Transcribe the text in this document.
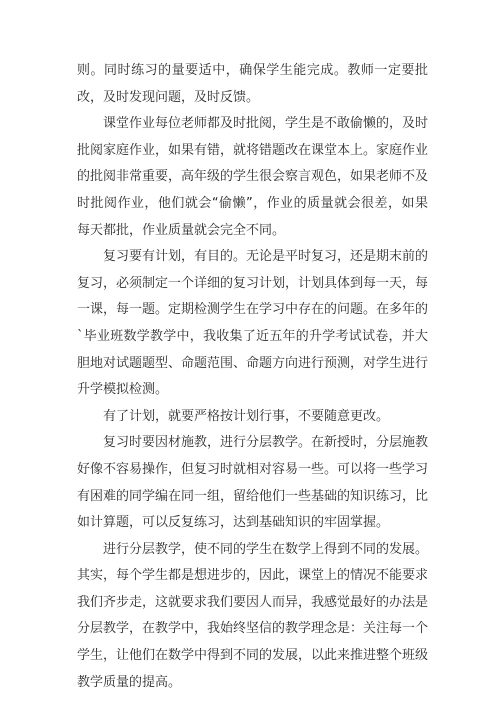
则。同时练习的量要适中，确保学生能完成。教师一定要批改，及时发现问题，及时反馈。

课堂作业每位老师都及时批阅，学生是不敢偷懒的，及时批阅家庭作业，如果有错，就将错题改在课堂本上。家庭作业的批阅非常重要，高年级的学生很会察言观色，如果老师不及时批阅作业，他们就会“偷懒”，作业的质量就会很差，如果每天都批，作业质量就会完全不同。

复习要有计划，有目的。无论是平时复习，还是期末前的复习，必须制定一个详细的复习计划，计划具体到每一天，每一课，每一题。定期检测学生在学习中存在的问题。在多年的`毕业班数学教学中，我收集了近五年的升学考试试卷，并大胆地对试题题型、命题范围、命题方向进行预测，对学生进行升学模拟检测。

有了计划，就要严格按计划行事，不要随意更改。

复习时要因材施教，进行分层教学。在新授时，分层施教好像不容易操作，但复习时就相对容易一些。可以将一些学习有困难的同学编在同一组，留给他们一些基础的知识练习，比如计算题，可以反复练习，达到基础知识的牢固掌握。

进行分层教学，使不同的学生在数学上得到不同的发展。其实，每个学生都是想进步的，因此，课堂上的情况不能要求我们齐步走，这就要求我们要因人而异，我感觉最好的办法是分层教学，在教学中，我始终坚信的教学理念是：关注每一个学生，让他们在数学中得到不同的发展，以此来推进整个班级教学质量的提高。
